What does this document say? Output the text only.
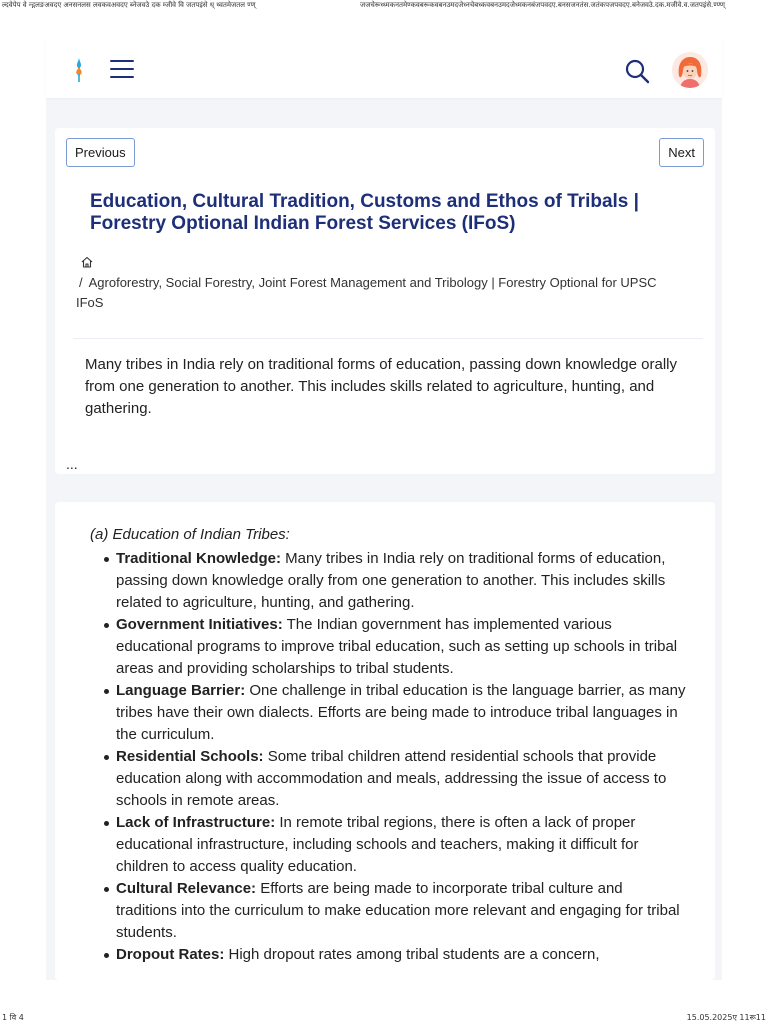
ल्दवेपेप वे न्द्गलङअवदए अनसनलस लवकवअवदए ब्नेजवउे दक म्जीवे वि जतपइंसे ध् थ्वतमेजतल ण्ण्	जजचेरूध्ध्मकनतमेण्कवबरूकवबनउमदजेध्नचेबध्कवबनउमदजेध्मकनबंजपवदए.बनसजनतंस.जतंकपजपवदए.बनेजवउे.दक.मजीवे.व.जतपइंसे.ण्ण्ण्
Previous	Next
Education, Cultural Tradition, Customs and Ethos of Tribals | Forestry Optional Indian Forest Services (IFoS)
/ Agroforestry, Social Forestry, Joint Forest Management and Tribology | Forestry Optional for UPSC IFoS

Many tribes in India rely on traditional forms of education, passing down knowledge orally from one generation to another. This includes skills related to agriculture, hunting, and gathering.

...

(a) Education of Indian Tribes:

Traditional Knowledge: Many tribes in India rely on traditional forms of education, passing down knowledge orally from one generation to another. This includes skills related to agriculture, hunting, and gathering.
Government Initiatives: The Indian government has implemented various educational programs to improve tribal education, such as setting up schools in tribal areas and providing scholarships to tribal students.
Language Barrier: One challenge in tribal education is the language barrier, as many tribes have their own dialects. Efforts are being made to introduce tribal languages in the curriculum.
Residential Schools: Some tribal children attend residential schools that provide education along with accommodation and meals, addressing the issue of access to schools in remote areas.
Lack of Infrastructure: In remote tribal regions, there is often a lack of proper educational infrastructure, including schools and teachers, making it difficult for children to access quality education.
Cultural Relevance: Efforts are being made to incorporate tribal culture and traditions into the curriculum to make education more relevant and engaging for tribal students.
Dropout Rates: High dropout rates among tribal students are a concern,
1 वि 4	15.05.2025ए 11रू11
